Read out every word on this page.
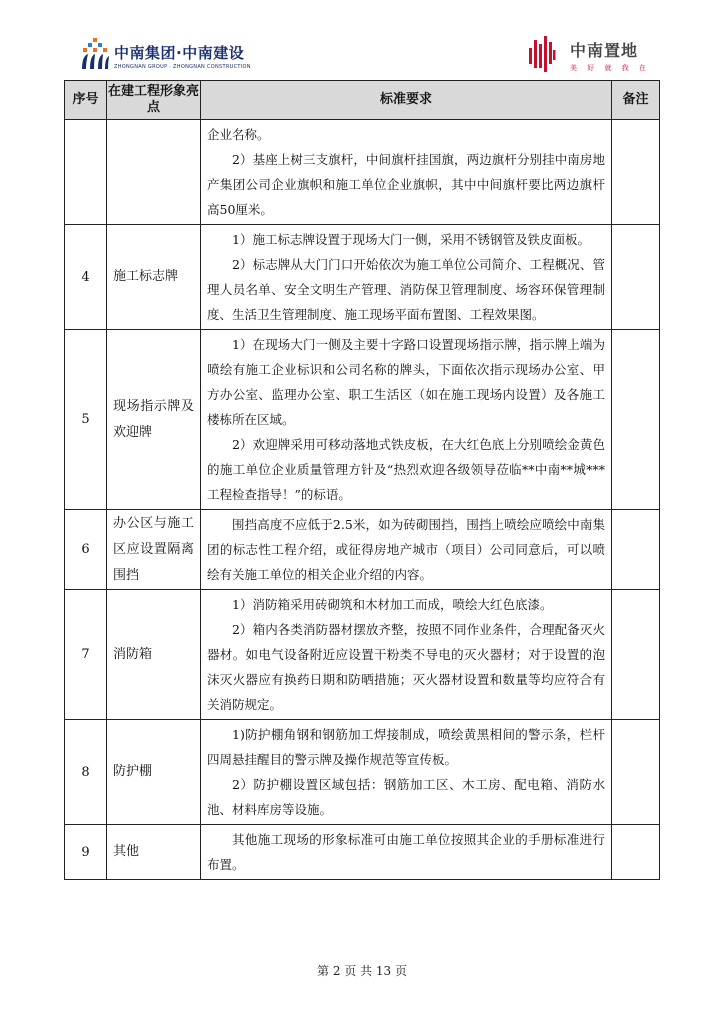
中南集团·中南建设
ZHONGNAN GROUP · ZHONGNAN CONSTRUCTION
中南置地
美 好 就 我 在
序号	在建工程形象亮点	标准要求	备注

		企业名称。

2）基座上树三支旗杆，中间旗杆挂国旗，两边旗杆分别挂中南房地产集团公司企业旗帜和施工单位企业旗帜，其中中间旗杆要比两边旗杆高50厘米。	

4	施工标志牌	1）施工标志牌设置于现场大门一侧，采用不锈钢管及铁皮面板。

2）标志牌从大门门口开始依次为施工单位公司简介、工程概况、管理人员名单、安全文明生产管理、消防保卫管理制度、场容环保管理制度、生活卫生管理制度、施工现场平面布置图、工程效果图。	

5	现场指示牌及欢迎牌	1）在现场大门一侧及主要十字路口设置现场指示牌，指示牌上端为喷绘有施工企业标识和公司名称的牌头，下面依次指示现场办公室、甲方办公室、监理办公室、职工生活区（如在施工现场内设置）及各施工楼栋所在区域。

2）欢迎牌采用可移动落地式铁皮板，在大红色底上分别喷绘金黄色的施工单位企业质量管理方针及“热烈欢迎各级领导莅临**中南**城***工程检查指导！”的标语。	

6	办公区与施工区应设置隔离围挡	围挡高度不应低于2.5米，如为砖砌围挡，围挡上喷绘应喷绘中南集团的标志性工程介绍，或征得房地产城市（项目）公司同意后，可以喷绘有关施工单位的相关企业介绍的内容。	

7	消防箱	1）消防箱采用砖砌筑和木材加工而成，喷绘大红色底漆。

2）箱内各类消防器材摆放齐整，按照不同作业条件，合理配备灭火器材。如电气设备附近应设置干粉类不导电的灭火器材；对于设置的泡沫灭火器应有换药日期和防晒措施；灭火器材设置和数量等均应符合有关消防规定。	

8	防护棚	1)防护棚角钢和钢筋加工焊接制成，喷绘黄黑相间的警示条，栏杆四周悬挂醒目的警示牌及操作规范等宣传板。

2）防护棚设置区域包括：钢筋加工区、木工房、配电箱、消防水池、材料库房等设施。	

9	其他	其他施工现场的形象标准可由施工单位按照其企业的手册标准进行布置。	

第 2 页 共 13 页
